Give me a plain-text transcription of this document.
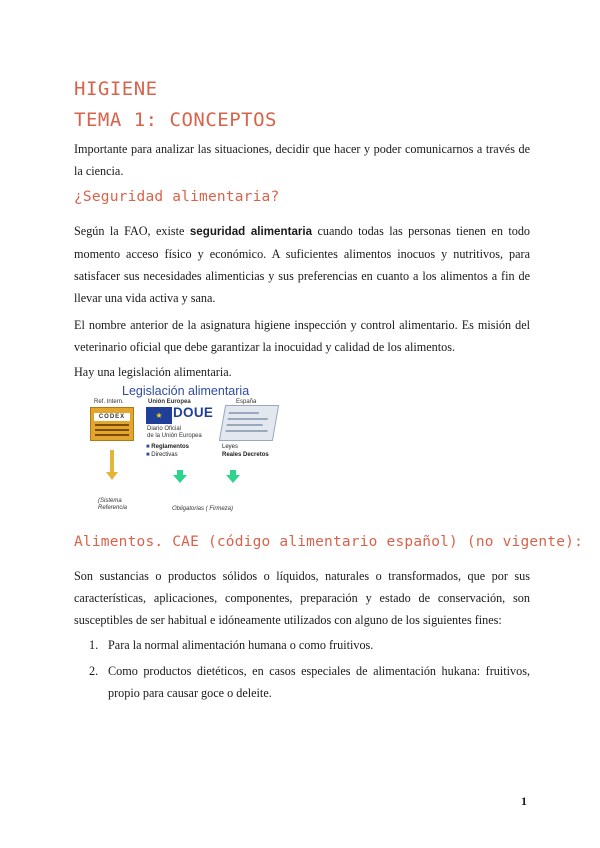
HIGIENE
TEMA 1: CONCEPTOS

Importante para analizar las situaciones, decidir que hacer y poder comunicarnos a través de la ciencia.

¿Seguridad alimentaria?

Según la FAO, existe seguridad alimentaria cuando todas las personas tienen en todo momento acceso físico y económico. A suficientes alimentos inocuos y nutritivos, para satisfacer sus necesidades alimenticias y sus preferencias en cuanto a los alimentos a fin de llevar una vida activa y sana.

El nombre anterior de la asignatura higiene inspección y control alimentario. Es misión del veterinario oficial que debe garantizar la inocuidad y calidad de los alimentos.

Hay una legislación alimentaria.

Legislación alimentaria
Ref. Intern.	Unión Europea	España
CODEX	★ DOUE
Diario Oficial
de la Unión Europea
■ Reglamentos
■ Directivas
Leyes
Reales Decretos
(Sistema
Referencia	Obligatorias ( Firmeza)
Alimentos. CAE (código alimentario español) (no vigente):

Son sustancias o productos sólidos o líquidos, naturales o transformados, que por sus características, aplicaciones, componentes, preparación y estado de conservación, son susceptibles de ser habitual e idóneamente utilizados con alguno de los siguientes fines:

1. Para la normal alimentación humana o como fruitivos.
2. Como productos dietéticos, en casos especiales de alimentación hukana: fruitivos, propio para causar goce o deleite.
1
